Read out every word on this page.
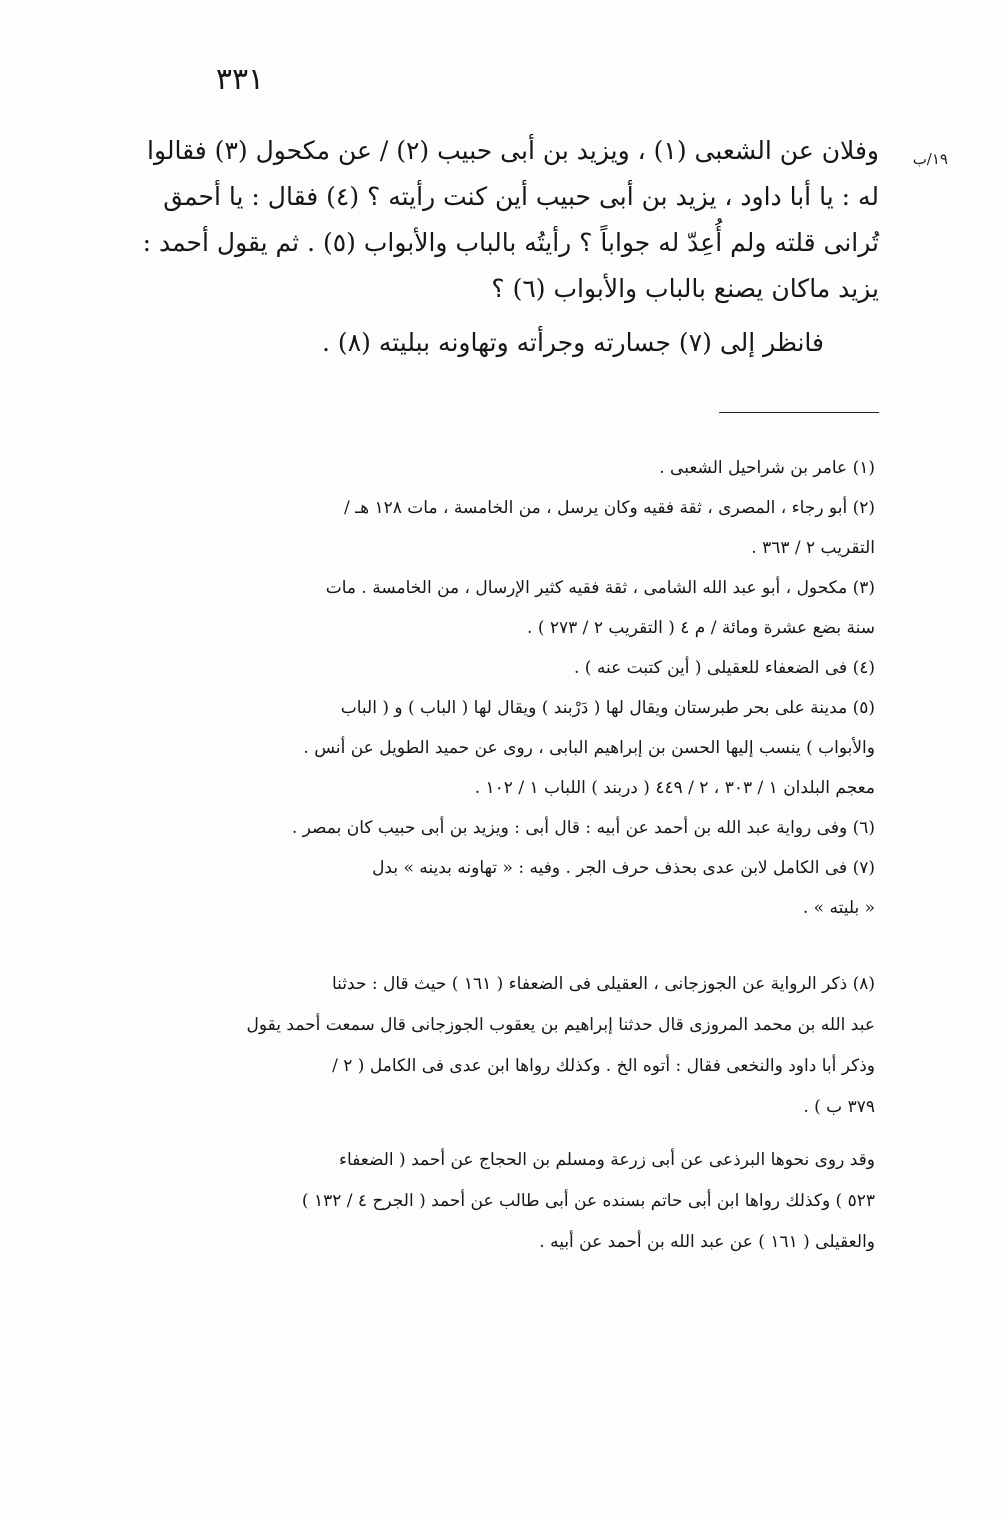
٣٣١
١٩/ب
وفلان عن الشعبى (١) ، ويزيد بن أبى حبيب (٢) / عن مكحول (٣) فقالوا
له : يا أبا داود ، يزيد بن أبى حبيب أين كنت رأيته ؟ (٤) فقال : يا أحمق
تُرانى قلته ولم أُعِدّ له جواباً ؟ رأيتُه بالباب والأبواب (٥) . ثم يقول أحمد :
يزيد ماكان يصنع بالباب والأبواب (٦) ؟
فانظر إلى (٧) جسارته وجرأته وتهاونه ببليته (٨) .
(١) عامر بن شراحيل الشعبى .
(٢) أبو رجاء ، المصرى ، ثقة فقيه وكان يرسل ، من الخامسة ، مات ١٢٨ هـ /
التقريب ٢ / ٣٦٣ .
(٣) مكحول ، أبو عبد الله الشامى ، ثقة فقيه كثير الإرسال ، من الخامسة . مات
سنة بضع عشرة ومائة / م ٤ ( التقريب ٢ / ٢٧٣ ) .
(٤) فى الضعفاء للعقيلى ( أين كتبت عنه ) .
(٥) مدينة على بحر طبرستان ويقال لها ( دَرْبند ) ويقال لها ( الباب ) و ( الباب
والأبواب ) ينسب إليها الحسن بن إبراهيم البابى ، روى عن حميد الطويل عن أنس .
معجم البلدان ١ / ٣٠٣ ، ٢ / ٤٤٩ ( دربند ) اللباب ١ / ١٠٢ .
(٦) وفى رواية عبد الله بن أحمد عن أبيه : قال أبى : ويزيد بن أبى حبيب كان بمصر .
(٧) فى الكامل لابن عدى بحذف حرف الجر . وفيه : « تهاونه بدينه » بدل
« بليته » .
(٨) ذكر الرواية عن الجوزجانى ، العقيلى فى الضعفاء ( ١٦١ ) حيث قال : حدثنا
عبد الله بن محمد المروزى قال حدثنا إبراهيم بن يعقوب الجوزجانى قال سمعت أحمد يقول
وذكر أبا داود والنخعى فقال : أتوه الخ . وكذلك رواها ابن عدى فى الكامل ( ٢ /
٣٧٩ ب ) .
وقد روى نحوها البرذعى عن أبى زرعة ومسلم بن الحجاج عن أحمد ( الضعفاء
٥٢٣ ) وكذلك رواها ابن أبى حاتم بسنده عن أبى طالب عن أحمد ( الجرح ٤ / ١٣٢ )
والعقيلى ( ١٦١ ) عن عبد الله بن أحمد عن أبيه .
